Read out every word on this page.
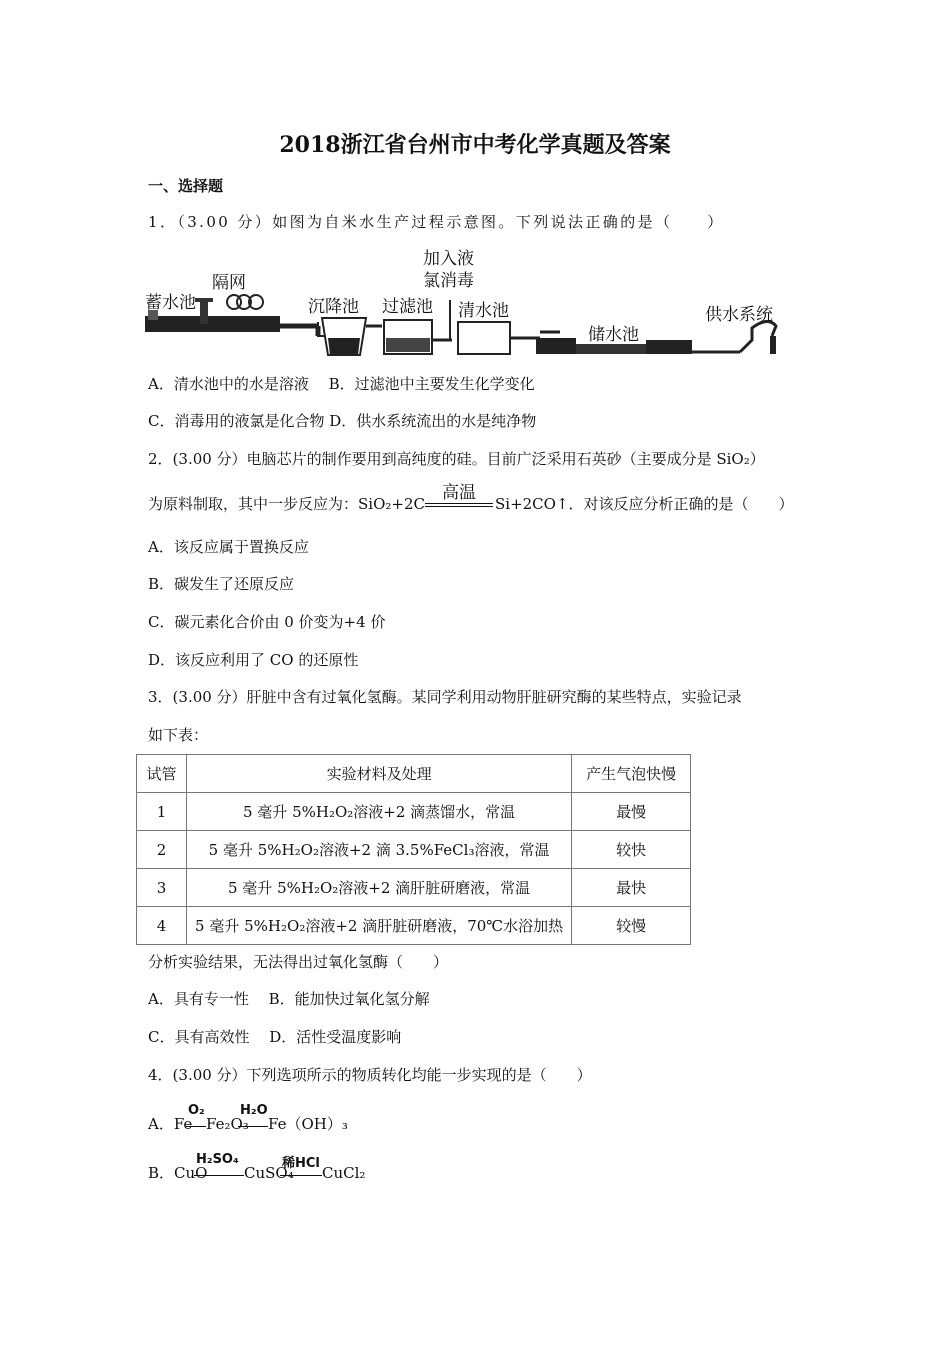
2018浙江省台州市中考化学真题及答案
一、选择题
1．（3.00 分）如图为自米水生产过程示意图。下列说法正确的是（　　）
蓄水池
隔网
沉降池 过滤池
加入液
氯消毒
清水池
储水池
供水系统
A．清水池中的水是溶液　 B．过滤池中主要发生化学变化
C．消毒用的液氯是化合物 D．供水系统流出的水是纯净物
2．(3.00 分）电脑芯片的制作要用到高纯度的硅。目前广泛采用石英砂（主要成分是 SiO₂）
为原料制取，其中一步反应为：SiO₂+2C
高温
Si+2CO↑．对该反应分析正确的是（　　）
A．该反应属于置换反应
B．碳发生了还原反应
C．碳元素化合价由 0 价变为+4 价
D．该反应利用了 CO 的还原性
3．(3.00 分）肝脏中含有过氧化氢酶。某同学利用动物肝脏研究酶的某些特点，实验记录
如下表：
试管	实验材料及处理	产生气泡快慢
1	5 毫升 5%H₂O₂溶液+2 滴蒸馏水，常温	最慢
2	5 毫升 5%H₂O₂溶液+2 滴 3.5%FeCl₃溶液，常温	较快
3	5 毫升 5%H₂O₂溶液+2 滴肝脏研磨液，常温	最快
4	5 毫升 5%H₂O₂溶液+2 滴肝脏研磨液，70℃水浴加热	较慢
分析实验结果，无法得出过氧化氢酶（　　）
A．具有专一性　 B．能加快过氧化氢分解
C．具有高效性　 D．活性受温度影响
4．(3.00 分）下列选项所示的物质转化均能一步实现的是（　　）
A．Fe
O₂
Fe₂O₃
H₂O
Fe（OH）₃
B．CuO
H₂SO₄
CuSO₄
稀HCl
CuCl₂
